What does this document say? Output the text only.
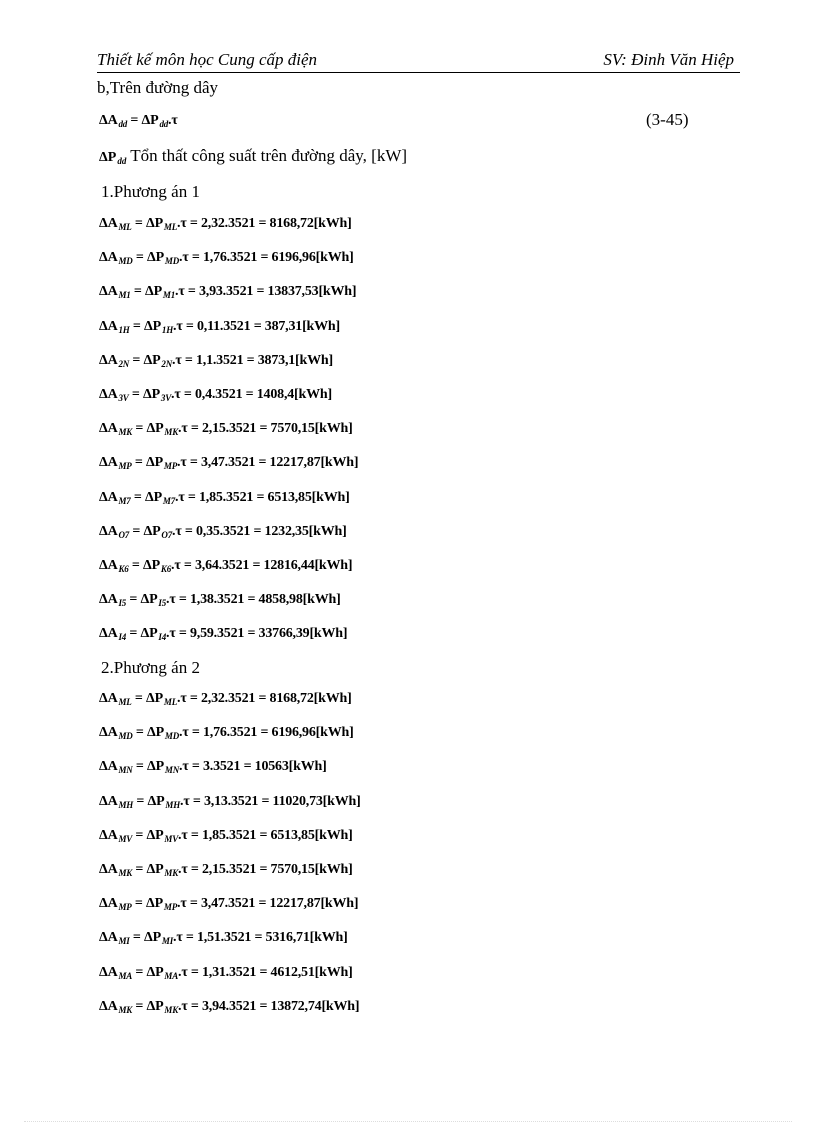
Thiết kế môn học Cung cấp điện	SV: Đinh Văn Hiệp
b,Trên đường dây
$\Delta A_{dd} = \Delta P_{dd}.\tau$	(3-45)
$\Delta P_{dd}$ Tổn thất công suất trên đường dây, [kW]
1.Phương án 1
$\Delta A_{ML} = \Delta P_{ML}.\tau = 2,32.3521 = 8168,72[kWh]$
$\Delta A_{MD} = \Delta P_{MD}.\tau = 1,76.3521 = 6196,96[kWh]$
$\Delta A_{M1} = \Delta P_{M1}.\tau = 3,93.3521 = 13837,53[kWh]$
$\Delta A_{1H} = \Delta P_{1H}.\tau = 0,11.3521 = 387,31[kWh]$
$\Delta A_{2N} = \Delta P_{2N}.\tau = 1,1.3521 = 3873,1[kWh]$
$\Delta A_{3V} = \Delta P_{3V}.\tau = 0,4.3521 = 1408,4[kWh]$
$\Delta A_{MK} = \Delta P_{MK}.\tau = 2,15.3521 = 7570,15[kWh]$
$\Delta A_{MP} = \Delta P_{MP}.\tau = 3,47.3521 = 12217,87[kWh]$
$\Delta A_{M7} = \Delta P_{M7}.\tau = 1,85.3521 = 6513,85[kWh]$
$\Delta A_{O7} = \Delta P_{O7}.\tau = 0,35.3521 = 1232,35[kWh]$
$\Delta A_{K6} = \Delta P_{K6}.\tau = 3,64.3521 = 12816,44[kWh]$
$\Delta A_{I5} = \Delta P_{I5}.\tau = 1,38.3521 = 4858,98[kWh]$
$\Delta A_{I4} = \Delta P_{I4}.\tau = 9,59.3521 = 33766,39[kWh]$
2.Phương án 2
$\Delta A_{ML} = \Delta P_{ML}.\tau = 2,32.3521 = 8168,72[kWh]$
$\Delta A_{MD} = \Delta P_{MD}.\tau = 1,76.3521 = 6196,96[kWh]$
$\Delta A_{MN} = \Delta P_{MN}.\tau = 3.3521 = 10563[kWh]$
$\Delta A_{MH} = \Delta P_{MH}.\tau = 3,13.3521 = 11020,73[kWh]$
$\Delta A_{MV} = \Delta P_{MV}.\tau = 1,85.3521 = 6513,85[kWh]$
$\Delta A_{MK} = \Delta P_{MK}.\tau = 2,15.3521 = 7570,15[kWh]$
$\Delta A_{MP} = \Delta P_{MP}.\tau = 3,47.3521 = 12217,87[kWh]$
$\Delta A_{MI} = \Delta P_{MI}.\tau = 1,51.3521 = 5316,71[kWh]$
$\Delta A_{MA} = \Delta P_{MA}.\tau = 1,31.3521 = 4612,51[kWh]$
$\Delta A_{MK} = \Delta P_{MK}.\tau = 3,94.3521 = 13872,74[kWh]$
